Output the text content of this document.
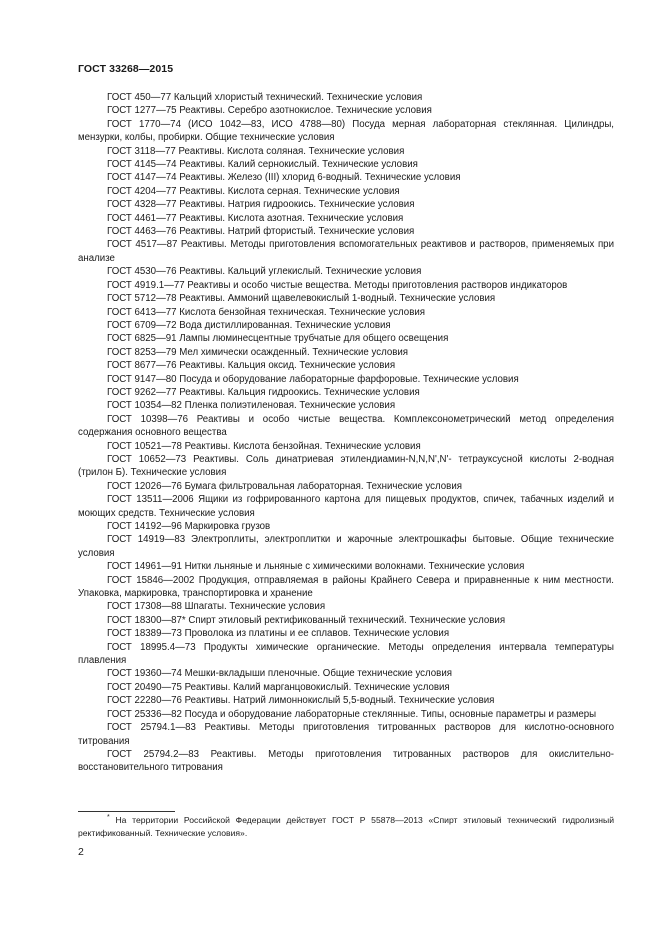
ГОСТ 33268—2015
ГОСТ 450—77 Кальций хлористый технический. Технические условия
ГОСТ 1277—75 Реактивы. Серебро азотнокислое. Технические условия
ГОСТ 1770—74 (ИСО 1042—83, ИСО 4788—80) Посуда мерная лабораторная стеклянная. Цилиндры, мензурки, колбы, пробирки. Общие технические условия
ГОСТ 3118—77 Реактивы. Кислота соляная. Технические условия
ГОСТ 4145—74 Реактивы. Калий сернокислый. Технические условия
ГОСТ 4147—74 Реактивы. Железо (III) хлорид 6-водный. Технические условия
ГОСТ 4204—77 Реактивы. Кислота серная. Технические условия
ГОСТ 4328—77 Реактивы. Натрия гидроокись. Технические условия
ГОСТ 4461—77 Реактивы. Кислота азотная. Технические условия
ГОСТ 4463—76 Реактивы. Натрий фтористый. Технические условия
ГОСТ 4517—87 Реактивы. Методы приготовления вспомогательных реактивов и растворов, применяемых при анализе
ГОСТ 4530—76 Реактивы. Кальций углекислый. Технические условия
ГОСТ 4919.1—77 Реактивы и особо чистые вещества. Методы приготовления растворов индикаторов
ГОСТ 5712—78 Реактивы. Аммоний щавелевокислый 1-водный. Технические условия
ГОСТ 6413—77 Кислота бензойная техническая. Технические условия
ГОСТ 6709—72 Вода дистиллированная. Технические условия
ГОСТ 6825—91 Лампы люминесцентные трубчатые для общего освещения
ГОСТ 8253—79 Мел химически осажденный. Технические условия
ГОСТ 8677—76 Реактивы. Кальция оксид. Технические условия
ГОСТ 9147—80 Посуда и оборудование лабораторные фарфоровые. Технические условия
ГОСТ 9262—77 Реактивы. Кальция гидроокись. Технические условия
ГОСТ 10354—82 Пленка полиэтиленовая. Технические условия
ГОСТ 10398—76 Реактивы и особо чистые вещества. Комплексонометрический метод определения содержания основного вещества
ГОСТ 10521—78 Реактивы. Кислота бензойная. Технические условия
ГОСТ 10652—73 Реактивы. Соль динатриевая этилендиамин-N,N,N',N'- тетрауксусной кислоты 2-водная (трилон Б). Технические условия
ГОСТ 12026—76 Бумага фильтровальная лабораторная. Технические условия
ГОСТ 13511—2006 Ящики из гофрированного картона для пищевых продуктов, спичек, табачных изделий и моющих средств. Технические условия
ГОСТ 14192—96 Маркировка грузов
ГОСТ 14919—83 Электроплиты, электроплитки и жарочные электрошкафы бытовые. Общие технические условия
ГОСТ 14961—91 Нитки льняные и льняные с химическими волокнами. Технические условия
ГОСТ 15846—2002 Продукция, отправляемая в районы Крайнего Севера и приравненные к ним местности. Упаковка, маркировка, транспортировка и хранение
ГОСТ 17308—88 Шпагаты. Технические условия
ГОСТ 18300—87* Спирт этиловый ректификованный технический. Технические условия
ГОСТ 18389—73 Проволока из платины и ее сплавов. Технические условия
ГОСТ 18995.4—73 Продукты химические органические. Методы определения интервала температуры плавления
ГОСТ 19360—74 Мешки-вкладыши пленочные. Общие технические условия
ГОСТ 20490—75 Реактивы. Калий марганцовокислый. Технические условия
ГОСТ 22280—76 Реактивы. Натрий лимоннокислый 5,5-водный. Технические условия
ГОСТ 25336—82 Посуда и оборудование лабораторные стеклянные. Типы, основные параметры и размеры
ГОСТ 25794.1—83 Реактивы. Методы приготовления титрованных растворов для кислотно-основного титрования
ГОСТ 25794.2—83 Реактивы. Методы приготовления титрованных растворов для окислительно-восстановительного титрования

* На территории Российской Федерации действует ГОСТ Р 55878—2013 «Спирт этиловый технический гидролизный ректификованный. Технические условия».

2
